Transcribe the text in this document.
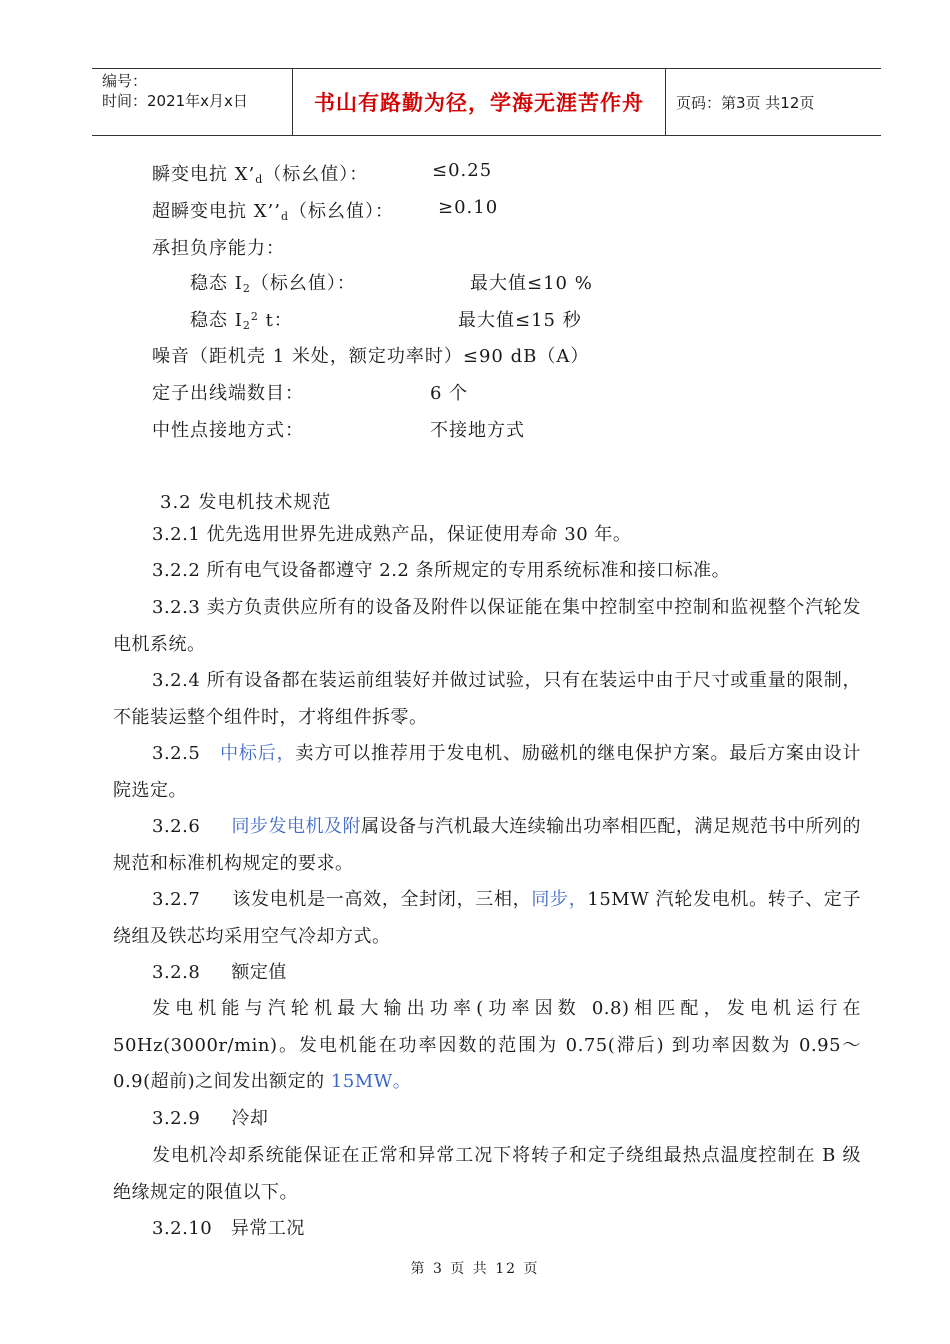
编号：
时间：2021年x月x日	书山有路勤为径，学海无涯苦作舟	页码：第3页 共12页
瞬变电抗 $X’_d$（标幺值）：	≤0.25
超瞬变电抗 $X’’_d$（标幺值）： ≥0.10
承担负序能力：
稳态 $I_2$（标幺值）：	最大值≤10 %
稳态 $I_2^2$ t：	最大值≤15 秒
噪音（距机壳 1 米处，额定功率时）≤90 dB（A）
定子出线端数目：	6 个
中性点接地方式：	不接地方式
3.2 发电机技术规范
3.2.1 优先选用世界先进成熟产品，保证使用寿命 30 年。
3.2.2 所有电气设备都遵守 2.2 条所规定的专用系统标准和接口标准。
3.2.3 卖方负责供应所有的设备及附件以保证能在集中控制室中控制和监视整个汽轮发电机系统。
3.2.4 所有设备都在装运前组装好并做过试验，只有在装运中由于尺寸或重量的限制，不能装运整个组件时，才将组件拆零。
3.2.5   中标后，卖方可以推荐用于发电机、励磁机的继电保护方案。最后方案由设计院选定。
3.2.6     同步发电机及附属设备与汽机最大连续输出功率相匹配，满足规范书中所列的规范和标准机构规定的要求。
3.2.7     该发电机是一高效，全封闭，三相，同步，15MW 汽轮发电机。转子、定子绕组及铁芯均采用空气冷却方式。
3.2.8     额定值
发电机能与汽轮机最大输出功率(功率因数 0.8)相匹配，发电机运行在 50Hz(3000r/min)。发电机能在功率因数的范围为 0.75(滞后) 到功率因数为 0.95～0.9(超前)之间发出额定的 15MW。
3.2.9     冷却
发电机冷却系统能保证在正常和异常工况下将转子和定子绕组最热点温度控制在 B 级绝缘规定的限值以下。
3.2.10   异常工况
第 3 页 共 12 页
